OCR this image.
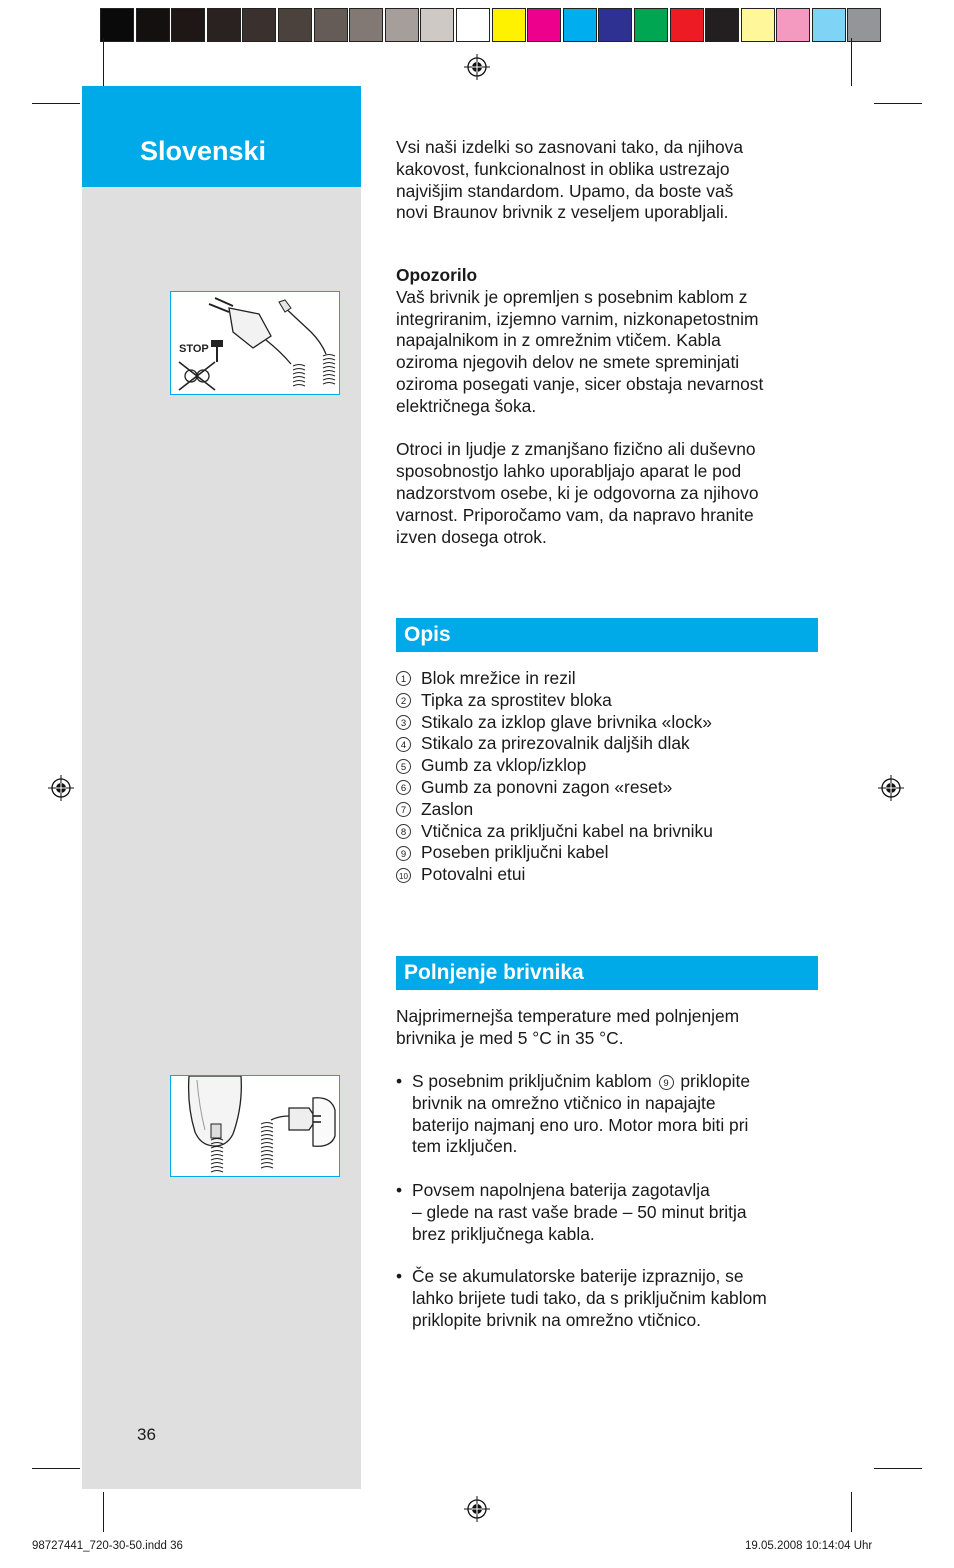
Slovenski	Vsi naši izdelki so zasnovani tako, da njihova
kakovost, funkcionalnost in oblika ustrezajo
najvišjim standardom. Upamo, da boste vaš
novi Braunov brivnik z veseljem uporabljali.
Opozorilo
Vaš brivnik je opremljen s posebnim kablom z
integriranim, izjemno varnim, nizkonapetostnim
napajalnikom in z omrežnim vtičem. Kabla
oziroma njegovih delov ne smete spreminjati
oziroma posegati vanje, sicer obstaja nevarnost
električnega šoka.
Otroci in ljudje z zmanjšano fizično ali duševno
sposobnostjo lahko uporabljajo aparat le pod
nadzorstvom osebe, ki je odgovorna za njihovo
varnost. Priporočamo vam, da napravo hranite
izven dosega otrok.
STOP
Opis
1 Blok mrežice in rezil
2 Tipka za sprostitev bloka
3 Stikalo za izklop glave brivnika «lock»
4 Stikalo za prirezovalnik daljših dlak
5 Gumb za vklop/izklop
6 Gumb za ponovni zagon «reset»
7 Zaslon
8 Vtičnica za priključni kabel na brivniku
9 Poseben priključni kabel
10 Potovalni etui
Polnjenje brivnika
Najprimernejša temperature med polnjenjem
brivnika je med 5 °C in 35 °C.
• S posebnim priključnim kablom 9 priklopite
brivnik na omrežno vtičnico in napajajte
baterijo najmanj eno uro. Motor mora biti pri
tem izključen.
• Povsem napolnjena baterija zagotavlja
– glede na rast vaše brade – 50 minut britja
brez priključnega kabla.
• Če se akumulatorske baterije izpraznijo, se
lahko brijete tudi tako, da s priključnim kablom
priklopite brivnik na omrežno vtičnico.
36
98727441_720-30-50.indd 36	19.05.2008 10:14:04 Uhr
